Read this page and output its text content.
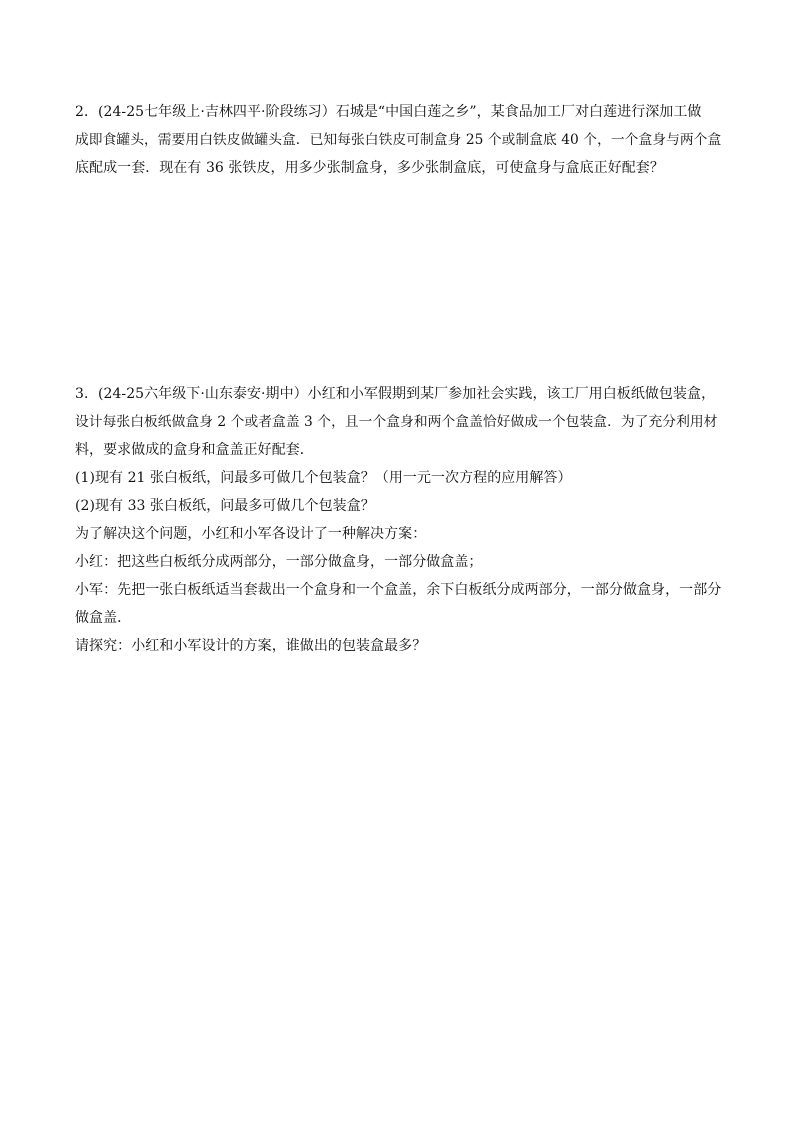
2．(24-25七年级上·吉林四平·阶段练习）石城是“中国白莲之乡”，某食品加工厂对白莲进行深加工做
成即食罐头，需要用白铁皮做罐头盒．已知每张白铁皮可制盒身 25 个或制盒底 40 个，一个盒身与两个盒
底配成一套．现在有 36 张铁皮，用多少张制盒身，多少张制盒底，可使盒身与盒底正好配套？
3．(24-25六年级下·山东泰安·期中）小红和小军假期到某厂参加社会实践，该工厂用白板纸做包装盒，
设计每张白板纸做盒身 2 个或者盒盖 3 个，且一个盒身和两个盒盖恰好做成一个包装盒．为了充分利用材
料，要求做成的盒身和盒盖正好配套．
(1)现有 21 张白板纸，问最多可做几个包装盒？（用一元一次方程的应用解答）
(2)现有 33 张白板纸，问最多可做几个包装盒？
为了解决这个问题，小红和小军各设计了一种解决方案：
小红：把这些白板纸分成两部分，一部分做盒身，一部分做盒盖；
小军：先把一张白板纸适当套裁出一个盒身和一个盒盖，余下白板纸分成两部分，一部分做盒身，一部分
做盒盖．
请探究：小红和小军设计的方案，谁做出的包装盒最多？
